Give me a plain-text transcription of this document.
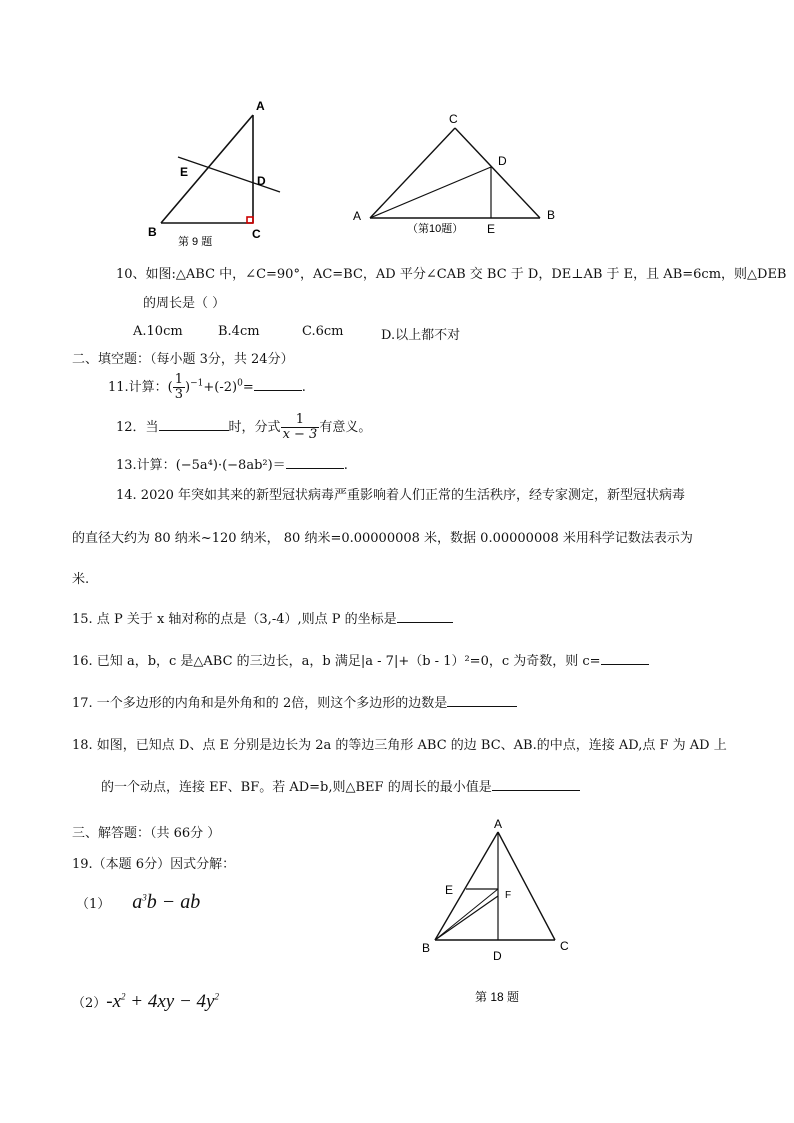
A
B	C
D
E
第 9 题
C
D
A	B
E
（第10题）
10、如图:△ABC 中，∠C=90°，AC=BC，AD 平分∠CAB 交 BC 于 D，DE⊥AB 于 E，且 AB=6cm，则△DEB
的周长是（ ）
A.10cm	B.4cm	C.6cm	D.以上都不对
二、填空题：（每小题 3分，共 24分）
11.计算：( $\frac{1}{3} )^{-1}+(-2)^0=$	.
12．当	时，分式 $\frac{1}{x - 3}$ 有意义。
13.计算：(−5a⁴)·(−8ab²)＝	.
14. 2020 年突如其来的新型冠状病毒严重影响着人们正常的生活秩序，经专家测定，新型冠状病毒
的直径大约为 80 纳米~120 纳米， 80 纳米=0.00000008 米，数据 0.00000008 米用科学记数法表示为
米.
15. 点 P 关于 x 轴对称的点是（3,-4）,则点 P 的坐标是
16. 已知 a，b，c 是△ABC 的三边长，a，b 满足|a - 7|+（b - 1）²=0，c 为奇数，则 c=
17. 一个多边形的内角和是外角和的 2倍，则这个多边形的边数是
18. 如图，已知点 D、点 E 分别是边长为 2a 的等边三角形 ABC 的边 BC、AB.的中点，连接 AD,点 F 为 AD 上
的一个动点，连接 EF、BF。若 AD=b,则△BEF 的周长的最小值是
三、解答题：（共 66分 ）
19.（本题 6分）因式分解：
（1） $a^3b$ − ab
$(2)-x^2 + 4xy - 4y^2$
A
E	F
B
D
C
第 18 题
